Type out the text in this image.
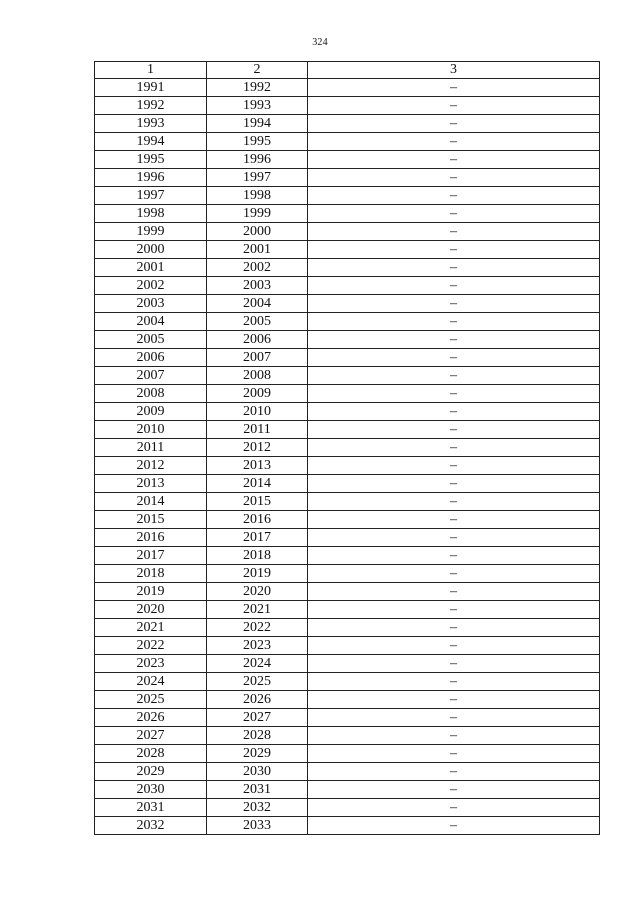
324
1	2	3
1991	1992	–
1992	1993	–
1993	1994	–
1994	1995	–
1995	1996	–
1996	1997	–
1997	1998	–
1998	1999	–
1999	2000	–
2000	2001	–
2001	2002	–
2002	2003	–
2003	2004	–
2004	2005	–
2005	2006	–
2006	2007	–
2007	2008	–
2008	2009	–
2009	2010	–
2010	2011	–
2011	2012	–
2012	2013	–
2013	2014	–
2014	2015	–
2015	2016	–
2016	2017	–
2017	2018	–
2018	2019	–
2019	2020	–
2020	2021	–
2021	2022	–
2022	2023	–
2023	2024	–
2024	2025	–
2025	2026	–
2026	2027	–
2027	2028	–
2028	2029	–
2029	2030	–
2030	2031	–
2031	2032	–
2032	2033	–
